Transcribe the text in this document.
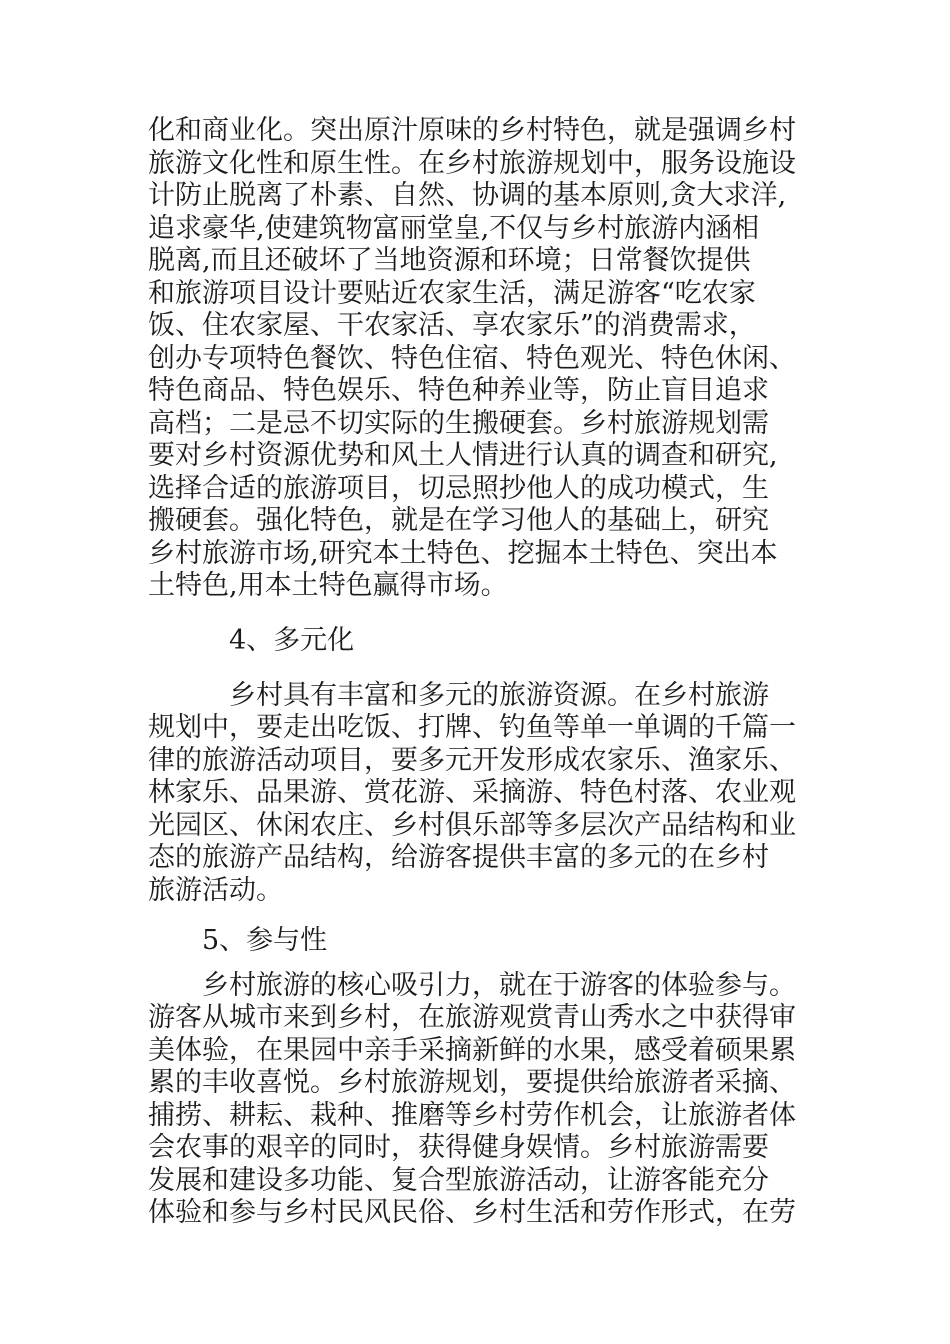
化和商业化。突出原汁原味的乡村特色，就是强调乡村
旅游文化性和原生性。在乡村旅游规划中，服务设施设
计防止脱离了朴素、自然、协调的基本原则,贪大求洋,
追求豪华,使建筑物富丽堂皇,不仅与乡村旅游内涵相
脱离,而且还破坏了当地资源和环境；日常餐饮提供
和旅游项目设计要贴近农家生活，满足游客“吃农家
饭、住农家屋、干农家活、享农家乐”的消费需求，
创办专项特色餐饮、特色住宿、特色观光、特色休闲、
特色商品、特色娱乐、特色种养业等，防止盲目追求
高档；二是忌不切实际的生搬硬套。乡村旅游规划需
要对乡村资源优势和风土人情进行认真的调查和研究,
选择合适的旅游项目，切忌照抄他人的成功模式，生
搬硬套。强化特色，就是在学习他人的基础上，研究
乡村旅游市场,研究本土特色、挖掘本土特色、突出本
土特色,用本土特色赢得市场。
4、多元化
乡村具有丰富和多元的旅游资源。在乡村旅游
规划中，要走出吃饭、打牌、钓鱼等单一单调的千篇一
律的旅游活动项目，要多元开发形成农家乐、渔家乐、
林家乐、品果游、赏花游、采摘游、特色村落、农业观
光园区、休闲农庄、乡村俱乐部等多层次产品结构和业
态的旅游产品结构，给游客提供丰富的多元的在乡村
旅游活动。
5、参与性
乡村旅游的核心吸引力，就在于游客的体验参与。
游客从城市来到乡村，在旅游观赏青山秀水之中获得审
美体验，在果园中亲手采摘新鲜的水果，感受着硕果累
累的丰收喜悦。乡村旅游规划，要提供给旅游者采摘、
捕捞、耕耘、栽种、推磨等乡村劳作机会，让旅游者体
会农事的艰辛的同时，获得健身娱情。乡村旅游需要
发展和建设多功能、复合型旅游活动，让游客能充分
体验和参与乡村民风民俗、乡村生活和劳作形式，在劳
